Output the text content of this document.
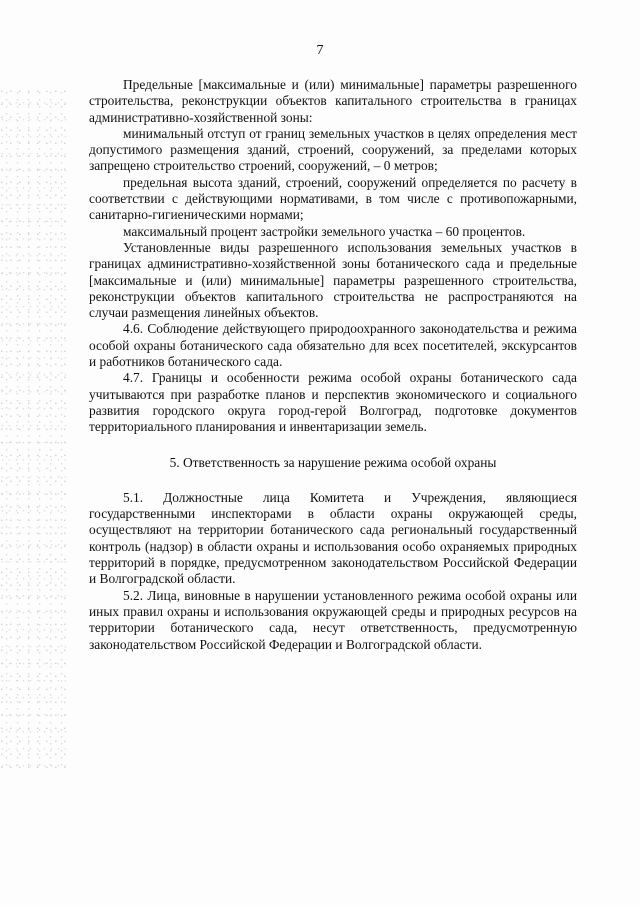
7

Предельные [максимальные и (или) минимальные] параметры разрешенного строительства, реконструкции объектов капитального строительства в границах административно-хозяйственной зоны:

минимальный отступ от границ земельных участков в целях определения мест допустимого размещения зданий, строений, сооружений, за пределами которых запрещено строительство строений, сооружений, – 0 метров;

предельная высота зданий, строений, сооружений определяется по расчету в соответствии с действующими нормативами, в том числе с противопожарными, санитарно-гигиеническими нормами;

максимальный процент застройки земельного участка – 60 процентов.

Установленные виды разрешенного использования земельных участков в границах административно-хозяйственной зоны ботанического сада и предельные [максимальные и (или) минимальные] параметры разрешенного строительства, реконструкции объектов капитального строительства не распространяются на случаи размещения линейных объектов.

4.6. Соблюдение действующего природоохранного законодательства и режима особой охраны ботанического сада обязательно для всех посетителей, экскурсантов и работников ботанического сада.

4.7. Границы и особенности режима особой охраны ботанического сада учитываются при разработке планов и перспектив экономического и социального развития городского округа город-герой Волгоград, подготовке документов территориального планирования и инвентаризации земель.

5. Ответственность за нарушение режима особой охраны

5.1. Должностные лица Комитета и Учреждения, являющиеся государственными инспекторами в области охраны окружающей среды, осуществляют на территории ботанического сада региональный государственный контроль (надзор) в области охраны и использования особо охраняемых природных территорий в порядке, предусмотренном законодательством Российской Федерации и Волгоградской области.

5.2. Лица, виновные в нарушении установленного режима особой охраны или иных правил охраны и использования окружающей среды и природных ресурсов на территории ботанического сада, несут ответственность, предусмотренную законодательством Российской Федерации и Волгоградской области.
